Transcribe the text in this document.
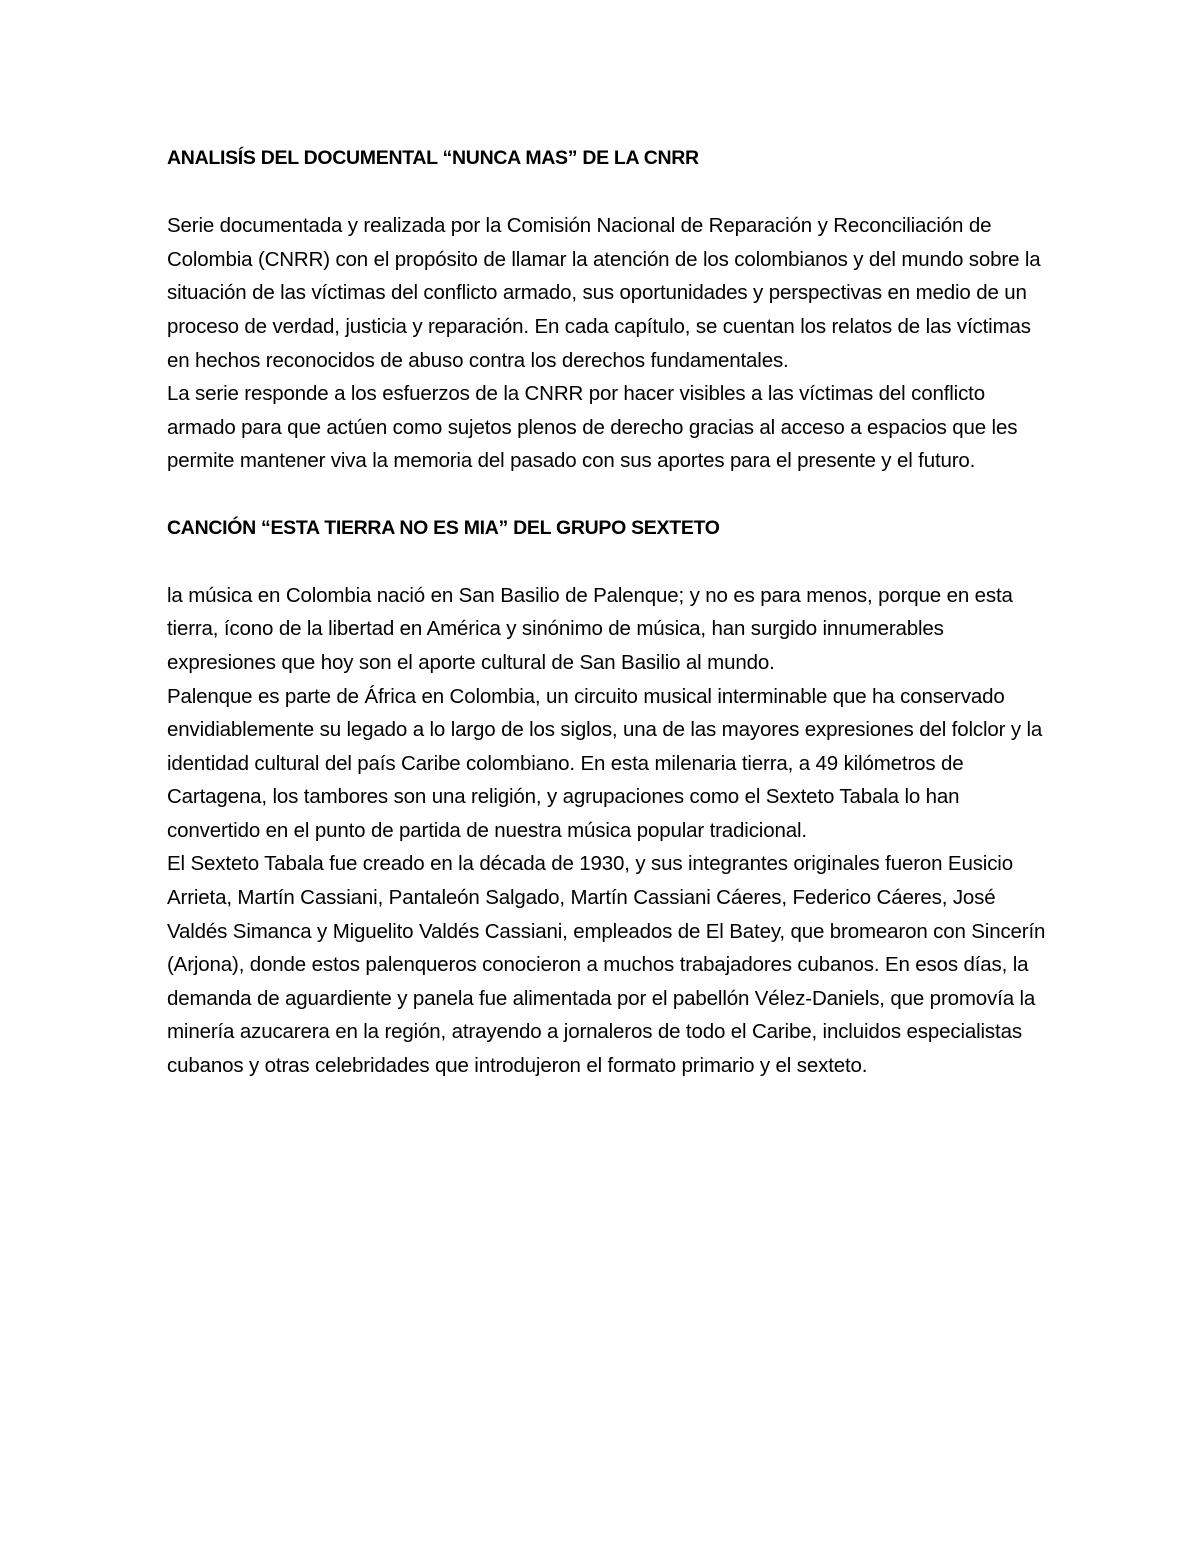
ANALISÍS DEL DOCUMENTAL “NUNCA MAS” DE LA CNRR

Serie documentada y realizada por la Comisión Nacional de Reparación y Reconciliación de Colombia (CNRR) con el propósito de llamar la atención de los colombianos y del mundo sobre la situación de las víctimas del conflicto armado, sus oportunidades y perspectivas en medio de un proceso de verdad, justicia y reparación. En cada capítulo, se cuentan los relatos de las víctimas en hechos reconocidos de abuso contra los derechos fundamentales.

La serie responde a los esfuerzos de la CNRR por hacer visibles a las víctimas del conflicto armado para que actúen como sujetos plenos de derecho gracias al acceso a espacios que les permite mantener viva la memoria del pasado con sus aportes para el presente y el futuro.

CANCIÓN “ESTA TIERRA NO ES MIA” DEL GRUPO SEXTETO

la música en Colombia nació en San Basilio de Palenque; y no es para menos, porque en esta tierra, ícono de la libertad en América y sinónimo de música, han surgido innumerables expresiones que hoy son el aporte cultural de San Basilio al mundo.

Palenque es parte de África en Colombia, un circuito musical interminable que ha conservado envidiablemente su legado a lo largo de los siglos, una de las mayores expresiones del folclor y la identidad cultural del país Caribe colombiano. En esta milenaria tierra, a 49 kilómetros de Cartagena, los tambores son una religión, y agrupaciones como el Sexteto Tabala lo han convertido en el punto de partida de nuestra música popular tradicional.

El Sexteto Tabala fue creado en la década de 1930, y sus integrantes originales fueron Eusicio Arrieta, Martín Cassiani, Pantaleón Salgado, Martín Cassiani Cáeres, Federico Cáeres, José Valdés Simanca y Miguelito Valdés Cassiani, empleados de El Batey, que bromearon con Sincerín (Arjona), donde estos palenqueros conocieron a muchos trabajadores cubanos. En esos días, la demanda de aguardiente y panela fue alimentada por el pabellón Vélez-Daniels, que promovía la minería azucarera en la región, atrayendo a jornaleros de todo el Caribe, incluidos especialistas cubanos y otras celebridades que introdujeron el formato primario y el sexteto.
